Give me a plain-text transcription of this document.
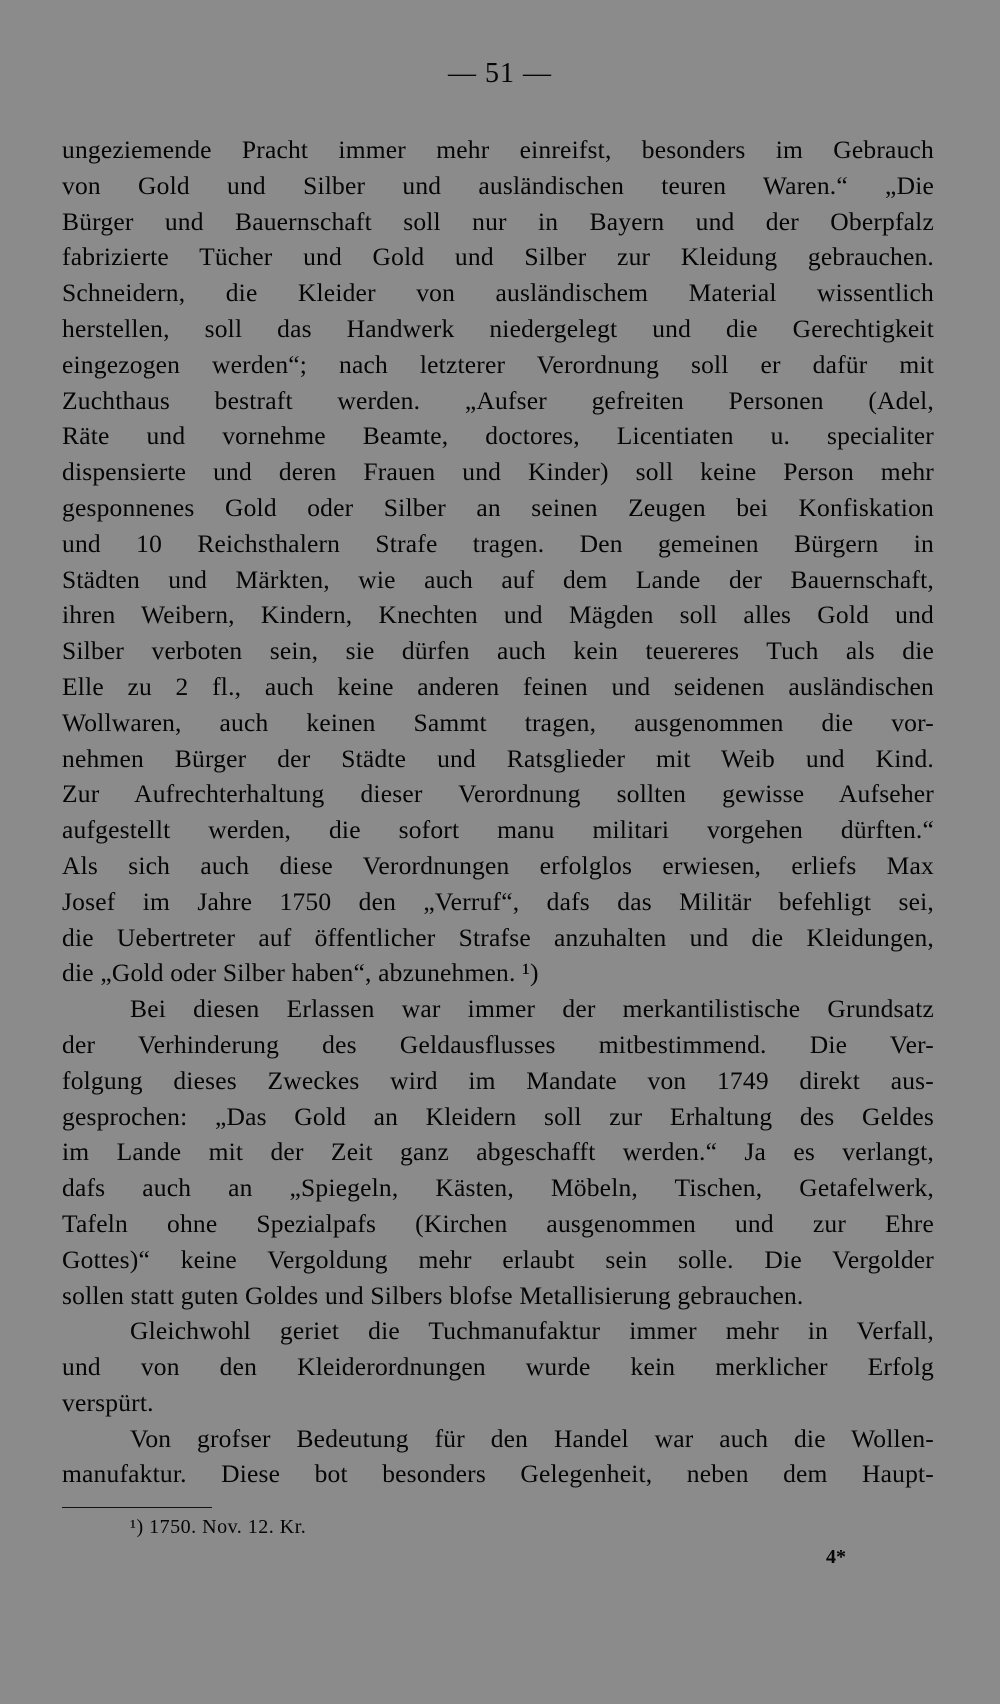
— 51 —
ungeziemende Pracht immer mehr einreifst, besonders im Gebrauch
von Gold und Silber und ausländischen teuren Waren.“ „Die
Bürger und Bauernschaft soll nur in Bayern und der Oberpfalz
fabrizierte Tücher und Gold und Silber zur Kleidung gebrauchen.
Schneidern, die Kleider von ausländischem Material wissentlich
herstellen, soll das Handwerk niedergelegt und die Gerechtigkeit
eingezogen werden“; nach letzterer Verordnung soll er dafür mit
Zuchthaus bestraft werden. „Aufser gefreiten Personen (Adel,
Räte und vornehme Beamte, doctores, Licentiaten u. specialiter
dispensierte und deren Frauen und Kinder) soll keine Person mehr
gesponnenes Gold oder Silber an seinen Zeugen bei Konfiskation
und 10 Reichsthalern Strafe tragen. Den gemeinen Bürgern in
Städten und Märkten, wie auch auf dem Lande der Bauernschaft,
ihren Weibern, Kindern, Knechten und Mägden soll alles Gold und
Silber verboten sein, sie dürfen auch kein teuereres Tuch als die
Elle zu 2 fl., auch keine anderen feinen und seidenen ausländischen
Wollwaren, auch keinen Sammt tragen, ausgenommen die vor-
nehmen Bürger der Städte und Ratsglieder mit Weib und Kind.
Zur Aufrechterhaltung dieser Verordnung sollten gewisse Aufseher
aufgestellt werden, die sofort manu militari vorgehen dürften.“
Als sich auch diese Verordnungen erfolglos erwiesen, erliefs Max
Josef im Jahre 1750 den „Verruf“, dafs das Militär befehligt sei,
die Uebertreter auf öffentlicher Strafse anzuhalten und die Kleidungen,
die „Gold oder Silber haben“, abzunehmen. ¹)
Bei diesen Erlassen war immer der merkantilistische Grundsatz
der Verhinderung des Geldausflusses mitbestimmend. Die Ver-
folgung dieses Zweckes wird im Mandate von 1749 direkt aus-
gesprochen: „Das Gold an Kleidern soll zur Erhaltung des Geldes
im Lande mit der Zeit ganz abgeschafft werden.“ Ja es verlangt,
dafs auch an „Spiegeln, Kästen, Möbeln, Tischen, Getafelwerk,
Tafeln ohne Spezialpafs (Kirchen ausgenommen und zur Ehre
Gottes)“ keine Vergoldung mehr erlaubt sein solle. Die Vergolder
sollen statt guten Goldes und Silbers blofse Metallisierung gebrauchen.
Gleichwohl geriet die Tuchmanufaktur immer mehr in Verfall,
und von den Kleiderordnungen wurde kein merklicher Erfolg
verspürt.
Von grofser Bedeutung für den Handel war auch die Wollen-
manufaktur. Diese bot besonders Gelegenheit, neben dem Haupt-
¹) 1750. Nov. 12. Kr.
4*
